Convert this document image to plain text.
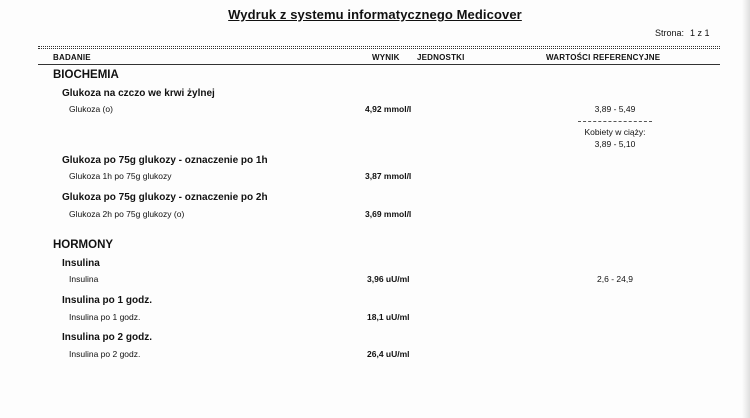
Wydruk z systemu informatycznego Medicover
Strona: 1 z 1
BADANIE	WYNIK JEDNOSTKI	WARTOŚCI REFERENCYJNE
BIOCHEMIA
Glukoza na czczo we krwi żylnej
Glukoza (o)	4,92 mmol/l	3,89 - 5,49
Kobiety w ciąży:
3,89 - 5,10
Glukoza po 75g glukozy - oznaczenie po 1h
Glukoza 1h po 75g glukozy	3,87 mmol/l
Glukoza po 75g glukozy - oznaczenie po 2h
Glukoza 2h po 75g glukozy (o)	3,69 mmol/l
HORMONY
Insulina
Insulina	3,96 uU/ml	2,6 - 24,9
Insulina po 1 godz.
Insulina po 1 godz.	18,1 uU/ml
Insulina po 2 godz.
Insulina po 2 godz.	26,4 uU/ml
